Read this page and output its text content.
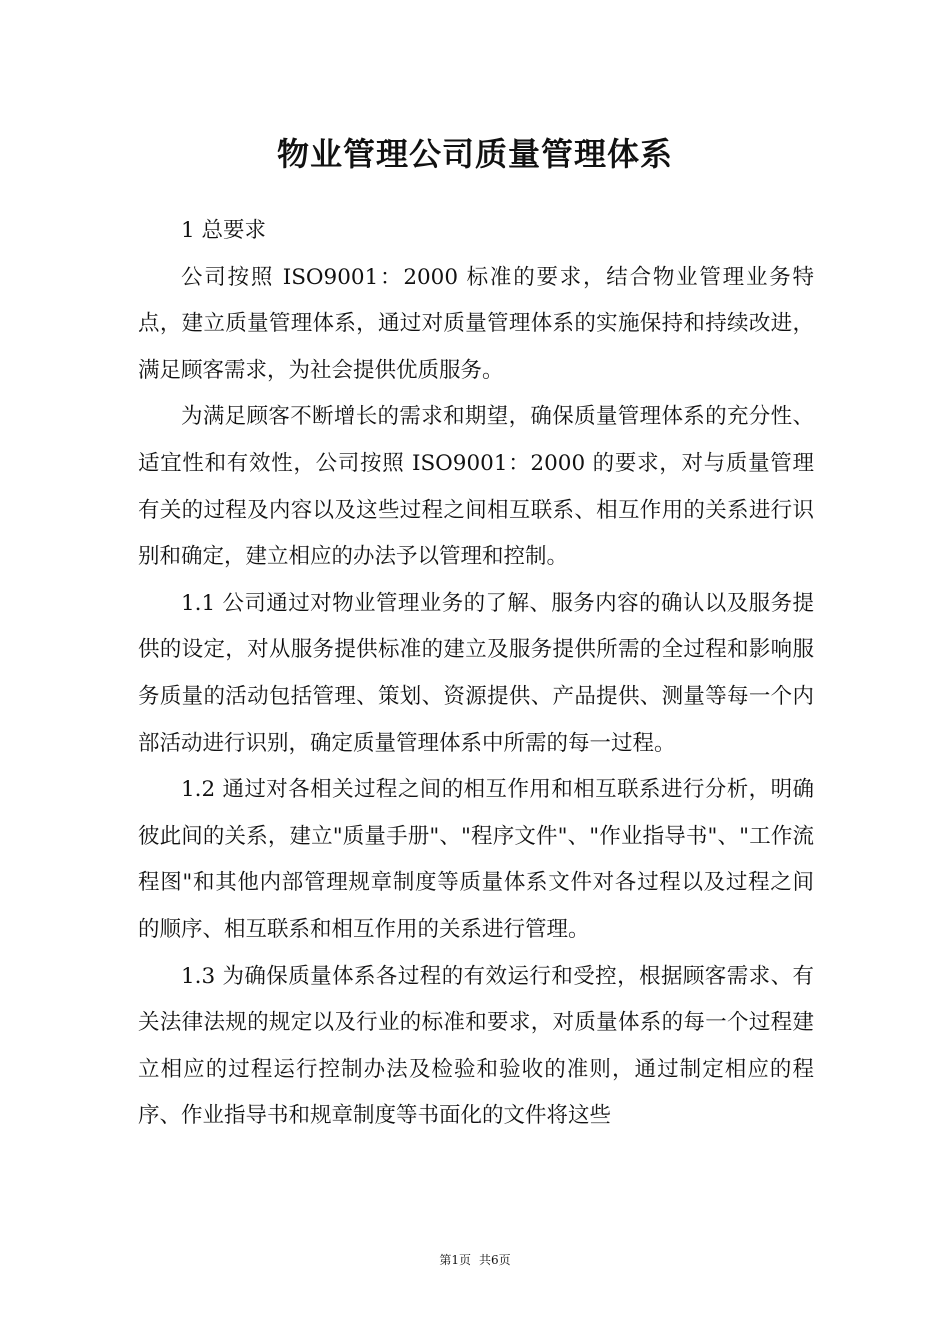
物业管理公司质量管理体系

1 总要求

公司按照 ISO9001：2000 标准的要求，结合物业管理业务特点，建立质量管理体系，通过对质量管理体系的实施保持和持续改进，满足顾客需求，为社会提供优质服务。

为满足顾客不断增长的需求和期望，确保质量管理体系的充分性、适宜性和有效性，公司按照 ISO9001：2000 的要求，对与质量管理有关的过程及内容以及这些过程之间相互联系、相互作用的关系进行识别和确定，建立相应的办法予以管理和控制。

1.1 公司通过对物业管理业务的了解、服务内容的确认以及服务提供的设定，对从服务提供标准的建立及服务提供所需的全过程和影响服务质量的活动包括管理、策划、资源提供、产品提供、测量等每一个内部活动进行识别，确定质量管理体系中所需的每一过程。

1.2 通过对各相关过程之间的相互作用和相互联系进行分析，明确彼此间的关系，建立"质量手册"、"程序文件"、"作业指导书"、"工作流程图"和其他内部管理规章制度等质量体系文件对各过程以及过程之间的顺序、相互联系和相互作用的关系进行管理。

1.3 为确保质量体系各过程的有效运行和受控，根据顾客需求、有关法律法规的规定以及行业的标准和要求，对质量体系的每一个过程建立相应的过程运行控制办法及检验和验收的准则，通过制定相应的程序、作业指导书和规章制度等书面化的文件将这些

第1页 共6页
